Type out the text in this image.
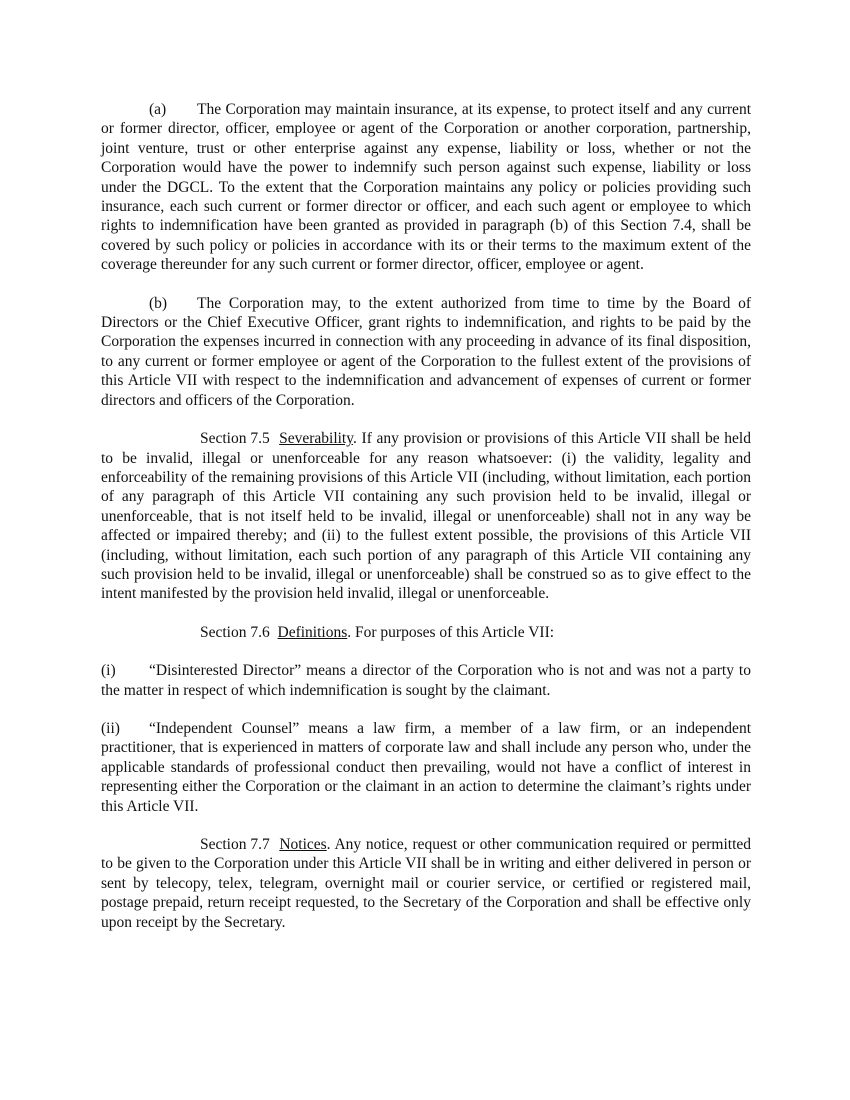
(a) The Corporation may maintain insurance, at its expense, to protect itself and any current or former director, officer, employee or agent of the Corporation or another corporation, partnership, joint venture, trust or other enterprise against any expense, liability or loss, whether or not the Corporation would have the power to indemnify such person against such expense, liability or loss under the DGCL. To the extent that the Corporation maintains any policy or policies providing such insurance, each such current or former director or officer, and each such agent or employee to which rights to indemnification have been granted as provided in paragraph (b) of this Section 7.4, shall be covered by such policy or policies in accordance with its or their terms to the maximum extent of the coverage thereunder for any such current or former director, officer, employee or agent.

(b) The Corporation may, to the extent authorized from time to time by the Board of Directors or the Chief Executive Officer, grant rights to indemnification, and rights to be paid by the Corporation the expenses incurred in connection with any proceeding in advance of its final disposition, to any current or former employee or agent of the Corporation to the fullest extent of the provisions of this Article VII with respect to the indemnification and advancement of expenses of current or former directors and officers of the Corporation.

Section 7.5 Severability. If any provision or provisions of this Article VII shall be held to be invalid, illegal or unenforceable for any reason whatsoever: (i) the validity, legality and enforceability of the remaining provisions of this Article VII (including, without limitation, each portion of any paragraph of this Article VII containing any such provision held to be invalid, illegal or unenforceable, that is not itself held to be invalid, illegal or unenforceable) shall not in any way be affected or impaired thereby; and (ii) to the fullest extent possible, the provisions of this Article VII (including, without limitation, each such portion of any paragraph of this Article VII containing any such provision held to be invalid, illegal or unenforceable) shall be construed so as to give effect to the intent manifested by the provision held invalid, illegal or unenforceable.

Section 7.6 Definitions. For purposes of this Article VII:

(i) “Disinterested Director” means a director of the Corporation who is not and was not a party to the matter in respect of which indemnification is sought by the claimant.

(ii) “Independent Counsel” means a law firm, a member of a law firm, or an independent practitioner, that is experienced in matters of corporate law and shall include any person who, under the applicable standards of professional conduct then prevailing, would not have a conflict of interest in representing either the Corporation or the claimant in an action to determine the claimant’s rights under this Article VII.

Section 7.7 Notices. Any notice, request or other communication required or permitted to be given to the Corporation under this Article VII shall be in writing and either delivered in person or sent by telecopy, telex, telegram, overnight mail or courier service, or certified or registered mail, postage prepaid, return receipt requested, to the Secretary of the Corporation and shall be effective only upon receipt by the Secretary.
